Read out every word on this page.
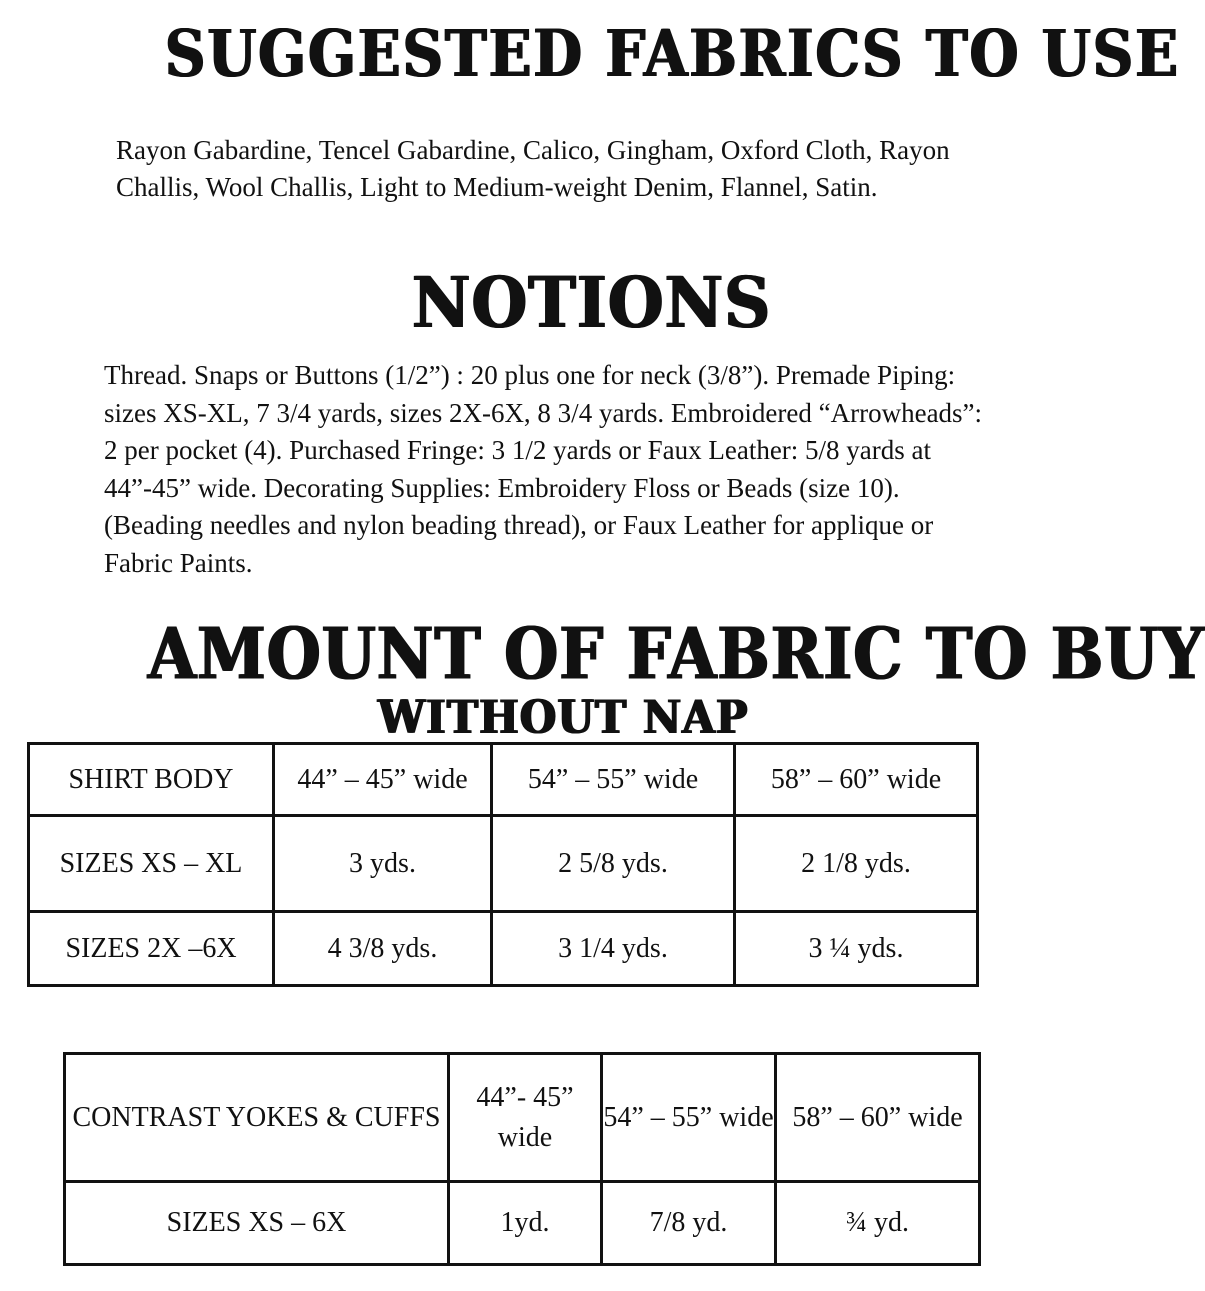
SUGGESTED FABRICS TO USE

Rayon Gabardine, Tencel Gabardine, Calico, Gingham, Oxford Cloth, Rayon Challis, Wool Challis, Light to Medium-weight Denim, Flannel, Satin.

NOTIONS

Thread. Snaps or Buttons (1/2”) : 20 plus one for neck (3/8”). Premade Piping: sizes XS-XL, 7 3/4 yards, sizes 2X-6X, 8 3/4 yards. Embroidered “Arrowheads”: 2 per pocket (4). Purchased Fringe: 3 1/2 yards or Faux Leather: 5/8 yards at 44”-45” wide. Decorating Supplies: Embroidery Floss or Beads (size 10). (Beading needles and nylon beading thread), or Faux Leather for applique or Fabric Paints.

AMOUNT OF FABRIC TO BUY
WITHOUT NAP
SHIRT BODY	44” – 45” wide	54” – 55” wide	58” – 60” wide
SIZES XS – XL	3 yds.	2 5/8 yds.	2 1/8 yds.
SIZES 2X –6X	4 3/8 yds.	3 1/4 yds.	3 ¼ yds.
CONTRAST YOKES & CUFFS	44”- 45” wide	54” – 55” wide	58” – 60” wide
SIZES XS – 6X	1yd.	7/8 yd.	¾ yd.
